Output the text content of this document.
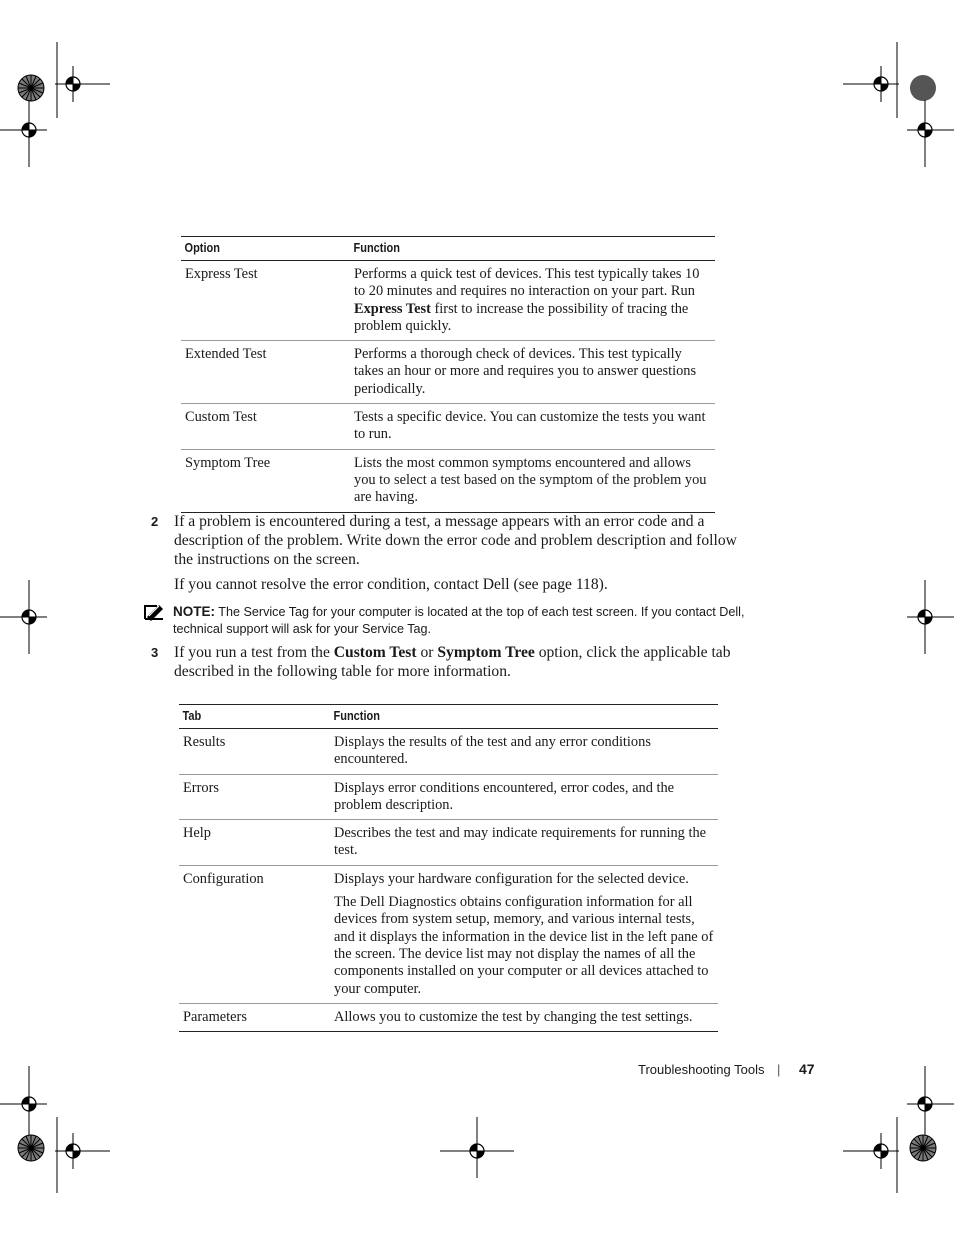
Option	Function
Express Test	Performs a quick test of devices. This test typically takes 10 to 20 minutes and requires no interaction on your part. Run Express Test first to increase the possibility of tracing the problem quickly.
Extended Test	Performs a thorough check of devices. This test typically takes an hour or more and requires you to answer questions periodically.
Custom Test	Tests a specific device. You can customize the tests you want to run.
Symptom Tree	Lists the most common symptoms encountered and allows you to select a test based on the symptom of the problem you are having.
2 If a problem is encountered during a test, a message appears with an error code and a description of the problem. Write down the error code and problem description and follow the instructions on the screen.
If you cannot resolve the error condition, contact Dell (see page 118).
NOTE: The Service Tag for your computer is located at the top of each test screen. If you contact Dell, technical support will ask for your Service Tag.
3 If you run a test from the Custom Test or Symptom Tree option, click the applicable tab described in the following table for more information.
Tab	Function
Results	Displays the results of the test and any error conditions encountered.
Errors	Displays error conditions encountered, error codes, and the problem description.
Help	Describes the test and may indicate requirements for running the test.
Configuration	Displays your hardware configuration for the selected device.

The Dell Diagnostics obtains configuration information for all devices from system setup, memory, and various internal tests, and it displays the information in the device list in the left pane of the screen. The device list may not display the names of all the components installed on your computer or all devices attached to your computer.

Parameters	Allows you to customize the test by changing the test settings.
Troubleshooting Tools | 47
